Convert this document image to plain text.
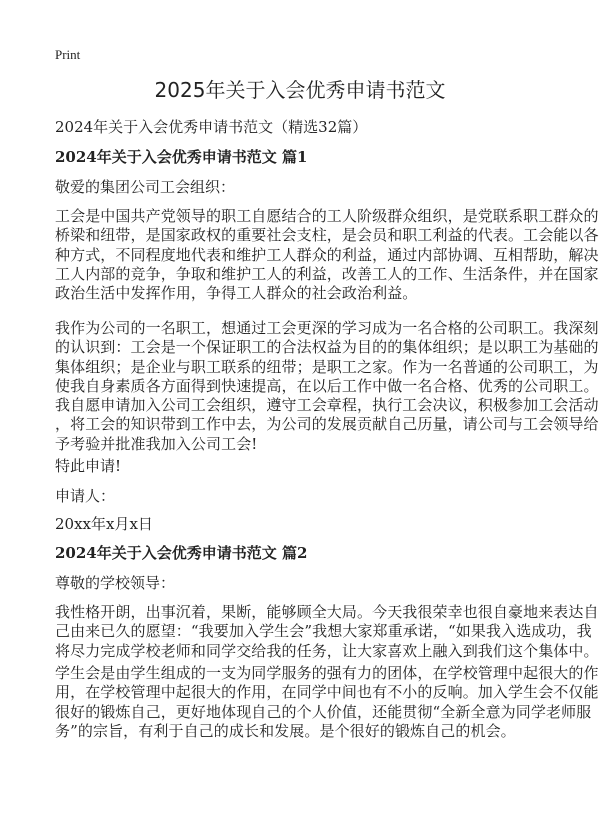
Print
2025年关于入会优秀申请书范文
2024年关于入会优秀申请书范文（精选32篇）
2024年关于入会优秀申请书范文 篇1
敬爱的集团公司工会组织：
工会是中国共产党领导的职工自愿结合的工人阶级群众组织，是党联系职工群众的
桥梁和纽带，是国家政权的重要社会支柱，是会员和职工利益的代表。工会能以各
种方式，不同程度地代表和维护工人群众的利益，通过内部协调、互相帮助，解决
工人内部的竞争，争取和维护工人的利益，改善工人的工作、生活条件，并在国家
政治生活中发挥作用，争得工人群众的社会政治利益。
我作为公司的一名职工，想通过工会更深的学习成为一名合格的公司职工。我深刻
的认识到：工会是一个保证职工的合法权益为目的的集体组织；是以职工为基础的
集体组织；是企业与职工联系的纽带；是职工之家。作为一名普通的公司职工，为
使我自身素质各方面得到快速提高，在以后工作中做一名合格、优秀的公司职工。
我自愿申请加入公司工会组织，遵守工会章程，执行工会决议，积极参加工会活动
，将工会的知识带到工作中去，为公司的发展贡献自己历量，请公司与工会领导给
予考验并批准我加入公司工会!
特此申请!
申请人：
20xx年x月x日
2024年关于入会优秀申请书范文 篇2
尊敬的学校领导：
我性格开朗，出事沉着，果断，能够顾全大局。今天我很荣幸也很自豪地来表达自
己由来已久的愿望：“我要加入学生会”我想大家郑重承诺，“如果我入选成功，我
将尽力完成学校老师和同学交给我的任务，让大家喜欢上融入到我们这个集体中。
学生会是由学生组成的一支为同学服务的强有力的团体，在学校管理中起很大的作
用，在学校管理中起很大的作用，在同学中间也有不小的反响。加入学生会不仅能
很好的锻炼自己，更好地体现自己的个人价值，还能贯彻“全新全意为同学老师服
务”的宗旨，有利于自己的成长和发展。是个很好的锻炼自己的机会。
